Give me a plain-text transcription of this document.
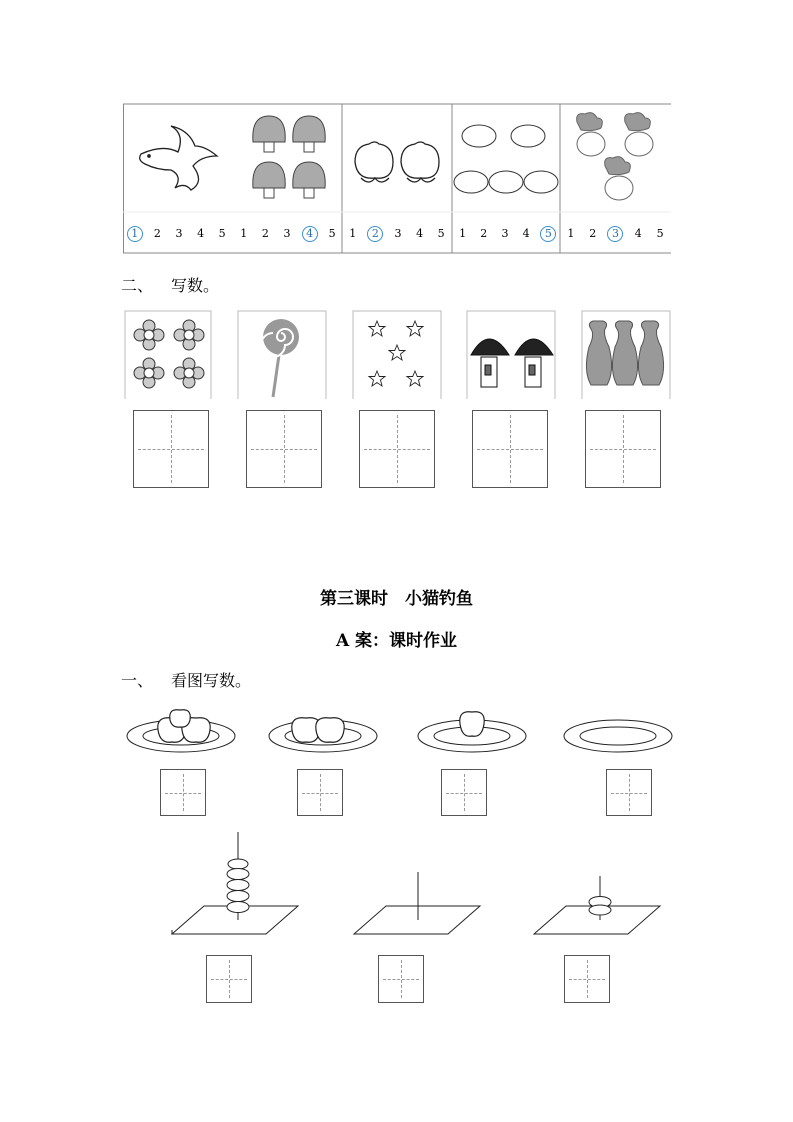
1	2	3	4	5	1	2	3	4	5	1	2	3	4	5	1	2	3	4	5	1	2	3	4	5
二、 写数。
第三课时　小猫钓鱼
A 案：课时作业
一、 看图写数。
